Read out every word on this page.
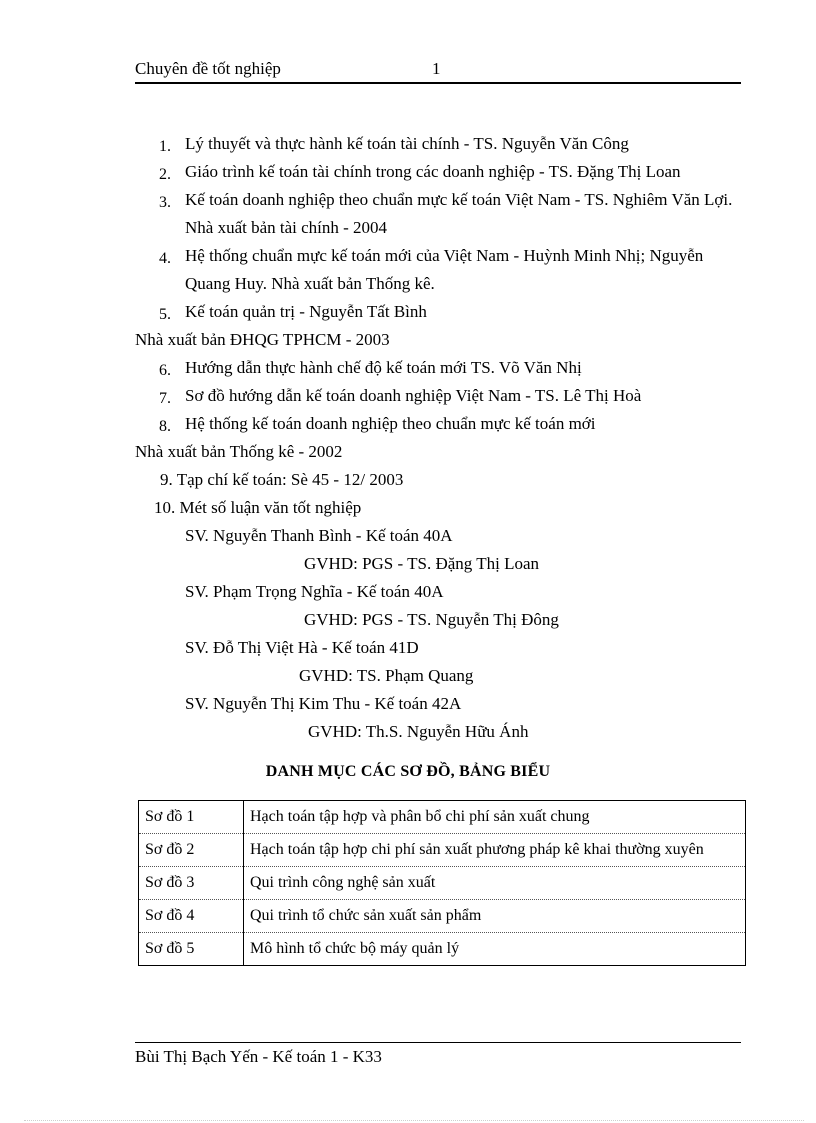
Chuyên đề tốt nghiệp	1
1. Lý thuyết và thực hành kế toán tài chính - TS. Nguyễn Văn Công
2. Giáo trình kế toán tài chính trong các doanh nghiệp - TS. Đặng Thị Loan
3. Kế toán doanh nghiệp theo chuẩn mực kế toán Việt Nam - TS. Nghiêm Văn Lợi. Nhà xuất bản tài chính - 2004
4. Hệ thống chuẩn mực kế toán mới của Việt Nam - Huỳnh Minh Nhị; Nguyễn Quang Huy. Nhà xuất bản Thống kê.
5. Kế toán quản trị - Nguyễn Tất Bình
Nhà xuất bản ĐHQG TPHCM - 2003
6. Hướng dẫn thực hành chế độ kế toán mới TS. Võ Văn Nhị
7. Sơ đồ hướng dẫn kế toán doanh nghiệp Việt Nam - TS. Lê Thị Hoà
8. Hệ thống kế toán doanh nghiệp theo chuẩn mực kế toán mới
Nhà xuất bản Thống kê - 2002
9. Tạp chí kế toán: Sè 45 - 12/ 2003
10. Mét số luận văn tốt nghiệp
SV. Nguyễn Thanh Bình - Kế toán 40A
GVHD: PGS - TS. Đặng Thị Loan
SV. Phạm Trọng Nghĩa - Kế toán 40A
GVHD: PGS - TS. Nguyễn Thị Đông
SV. Đỗ Thị Việt Hà - Kế toán 41D
GVHD: TS. Phạm Quang
SV. Nguyễn Thị Kim Thu - Kế toán 42A
GVHD: Th.S. Nguyễn Hữu Ánh
DANH MỤC CÁC SƠ ĐỒ, BẢNG BIỂU
Sơ đồ 1	Hạch toán tập hợp và phân bổ chi phí sản xuất chung
Sơ đồ 2	Hạch toán tập hợp chi phí sản xuất phương pháp kê khai thường xuyên
Sơ đồ 3	Qui trình công nghệ sản xuất
Sơ đồ 4	Qui trình tổ chức sản xuất sản phẩm
Sơ đồ 5	Mô hình tổ chức bộ máy quản lý
Bùi Thị Bạch Yến - Kế toán 1 - K33
